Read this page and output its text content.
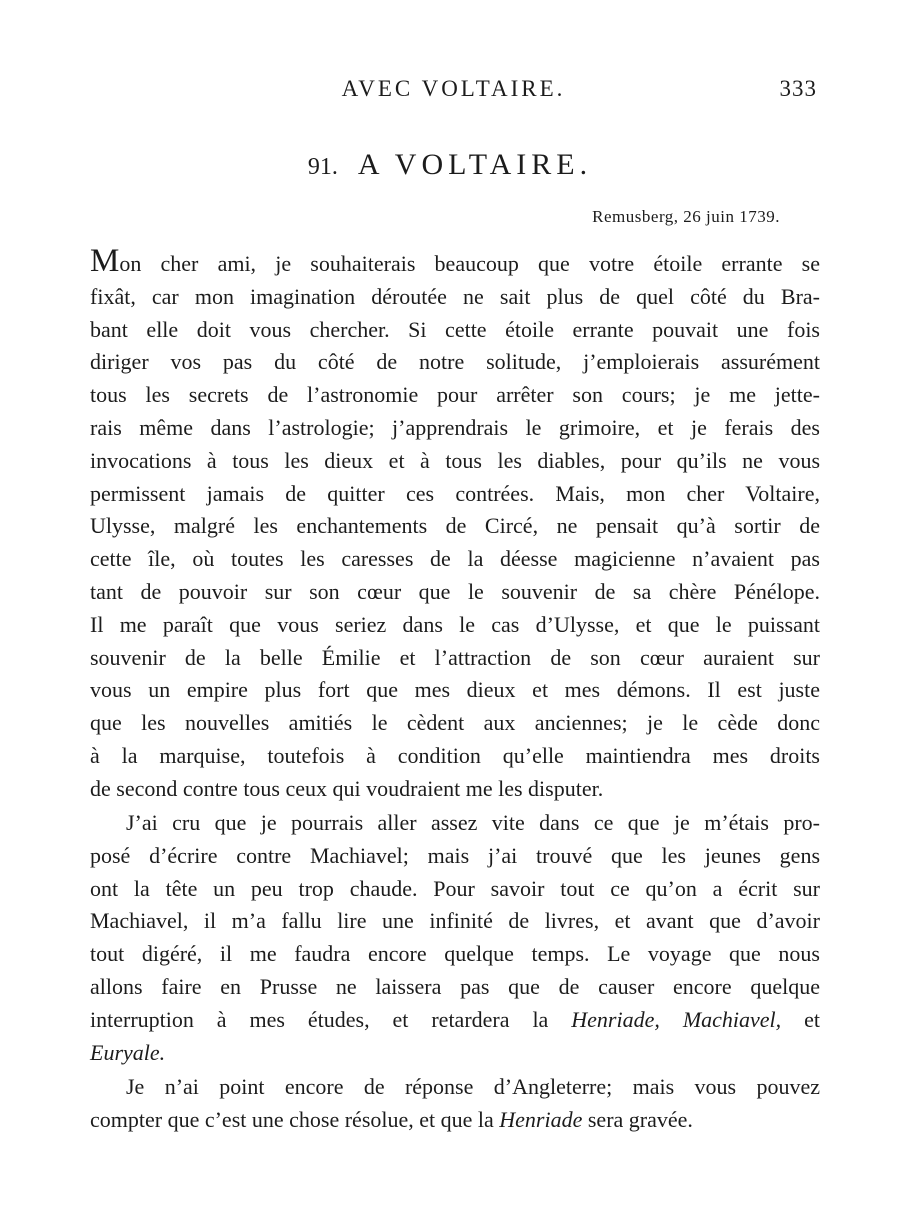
AVEC VOLTAIRE.	333
91. A VOLTAIRE.
Remusberg, 26 juin 1739.
Mon cher ami, je souhaiterais beaucoup que votre étoile errante se
fixât, car mon imagination déroutée ne sait plus de quel côté du Bra-
bant elle doit vous chercher. Si cette étoile errante pouvait une fois
diriger vos pas du côté de notre solitude, j’emploierais assurément
tous les secrets de l’astronomie pour arrêter son cours; je me jette-
rais même dans l’astrologie; j’apprendrais le grimoire, et je ferais des
invocations à tous les dieux et à tous les diables, pour qu’ils ne vous
permissent jamais de quitter ces contrées. Mais, mon cher Voltaire,
Ulysse, malgré les enchantements de Circé, ne pensait qu’à sortir de
cette île, où toutes les caresses de la déesse magicienne n’avaient pas
tant de pouvoir sur son cœur que le souvenir de sa chère Pénélope.
Il me paraît que vous seriez dans le cas d’Ulysse, et que le puissant
souvenir de la belle Émilie et l’attraction de son cœur auraient sur
vous un empire plus fort que mes dieux et mes démons. Il est juste
que les nouvelles amitiés le cèdent aux anciennes; je le cède donc
à la marquise, toutefois à condition qu’elle maintiendra mes droits
de second contre tous ceux qui voudraient me les disputer.
J’ai cru que je pourrais aller assez vite dans ce que je m’étais pro-
posé d’écrire contre Machiavel; mais j’ai trouvé que les jeunes gens
ont la tête un peu trop chaude. Pour savoir tout ce qu’on a écrit sur
Machiavel, il m’a fallu lire une infinité de livres, et avant que d’avoir
tout digéré, il me faudra encore quelque temps. Le voyage que nous
allons faire en Prusse ne laissera pas que de causer encore quelque
interruption à mes études, et retardera la Henriade, Machiavel, et
Euryale.
Je n’ai point encore de réponse d’Angleterre; mais vous pouvez
compter que c’est une chose résolue, et que la Henriade sera gravée.
